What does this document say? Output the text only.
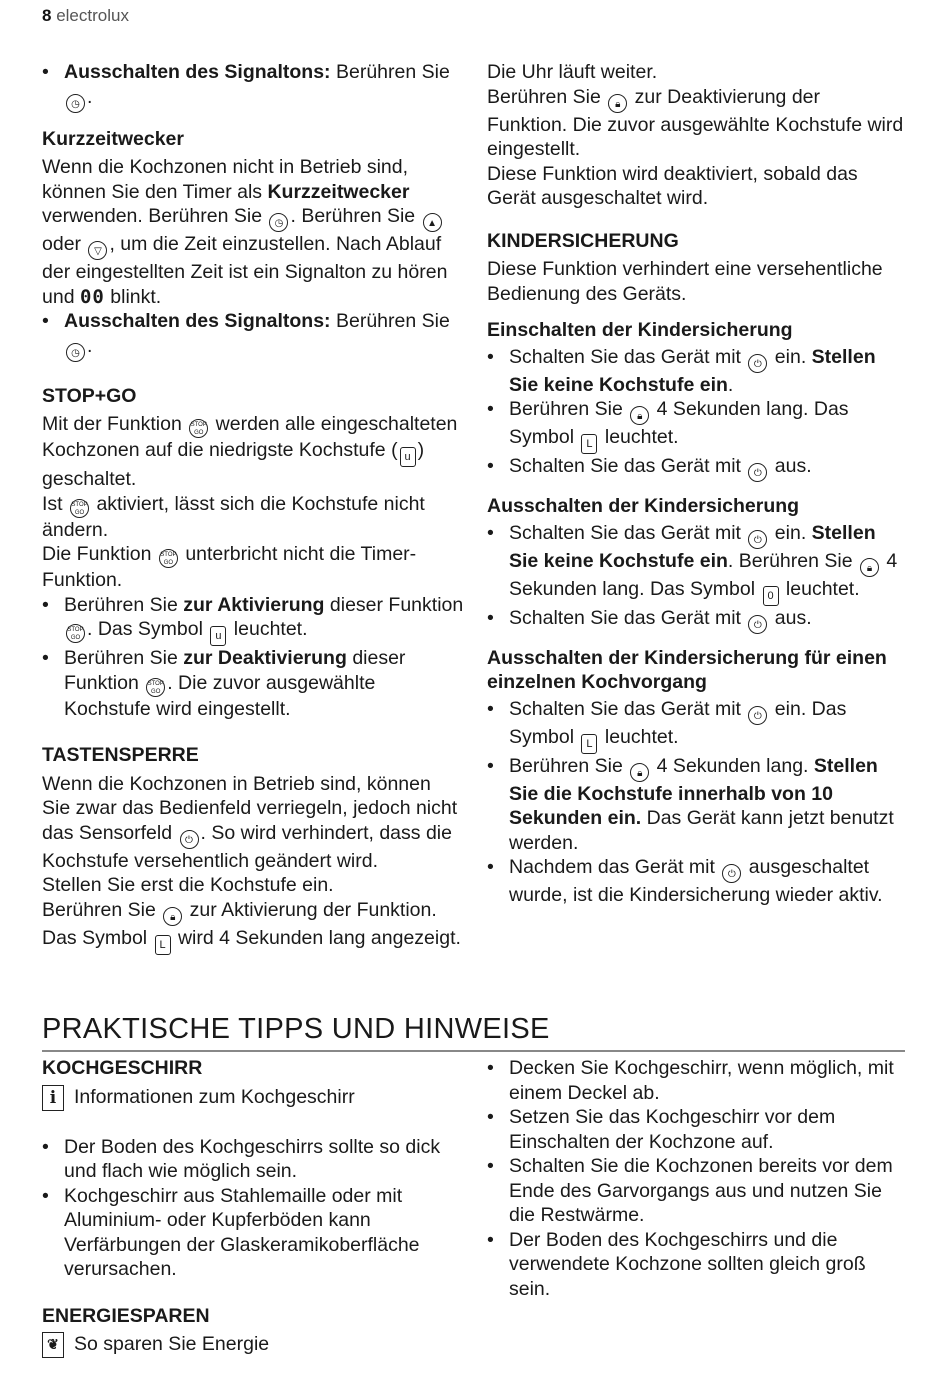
8 electrolux
• Ausschalten des Signaltons: Berühren Sie ◷ .
Kurzzeitwecker

Wenn die Kochzonen nicht in Betrieb sind, können Sie den Timer als Kurzzeitwecker verwenden. Berühren Sie ◷ . Berühren Sie ▲ oder ▽ , um die Zeit einzustellen. Nach Ablauf der eingestellten Zeit ist ein Signalton zu hören und 00 blinkt.

• Ausschalten des Signaltons: Berühren Sie ◷ .
STOP+GO

Mit der Funktion STOP
GO werden alle eingeschalteten Kochzonen auf die niedrigste Kochstufe ( u ) geschaltet.

Ist STOP
GO aktiviert, lässt sich die Kochstufe nicht ändern.

Die Funktion STOP
GO unterbricht nicht die Timer-Funktion.

• Berühren Sie zur Aktivierung dieser Funktion STOP
GO . Das Symbol u leuchtet.
• Berühren Sie zur Deaktivierung dieser Funktion STOP
GO . Die zuvor ausgewählte Kochstufe wird eingestellt.
TASTENSPERRE

Wenn die Kochzonen in Betrieb sind, können Sie zwar das Bedienfeld verriegeln, jedoch nicht das Sensorfeld ⏻ . So wird verhindert, dass die Kochstufe versehentlich geändert wird.

Stellen Sie erst die Kochstufe ein.

Berühren Sie 🔒︎ zur Aktivierung der Funktion. Das Symbol L wird 4 Sekunden lang angezeigt.

Die Uhr läuft weiter.

Berühren Sie 🔒︎ zur Deaktivierung der Funktion. Die zuvor ausgewählte Kochstufe wird eingestellt.

Diese Funktion wird deaktiviert, sobald das Gerät ausgeschaltet wird.

KINDERSICHERUNG

Diese Funktion verhindert eine versehentliche Bedienung des Geräts.

Einschalten der Kindersicherung
• Schalten Sie das Gerät mit ⏻ ein. Stellen Sie keine Kochstufe ein.
• Berühren Sie 🔒︎ 4 Sekunden lang. Das Symbol L leuchtet.
• Schalten Sie das Gerät mit ⏻ aus.
Ausschalten der Kindersicherung
• Schalten Sie das Gerät mit ⏻ ein. Stellen Sie keine Kochstufe ein. Berühren Sie 🔒︎ 4 Sekunden lang. Das Symbol 0 leuchtet.
• Schalten Sie das Gerät mit ⏻ aus.
Ausschalten der Kindersicherung für einen einzelnen Kochvorgang
• Schalten Sie das Gerät mit ⏻ ein. Das Symbol L leuchtet.
• Berühren Sie 🔒︎ 4 Sekunden lang. Stellen Sie die Kochstufe innerhalb von 10 Sekunden ein. Das Gerät kann jetzt benutzt werden.
• Nachdem das Gerät mit ⏻ ausgeschaltet wurde, ist die Kindersicherung wieder aktiv.
PRAKTISCHE TIPPS UND HINWEISE
KOCHGESCHIRR
i Informationen zum Kochgeschirr
• Der Boden des Kochgeschirrs sollte so dick und flach wie möglich sein.
• Kochgeschirr aus Stahlemaille oder mit Aluminium- oder Kupferböden kann Verfärbungen der Glaskeramikoberfläche verursachen.
ENERGIESPAREN
❦ So sparen Sie Energie
• Decken Sie Kochgeschirr, wenn möglich, mit einem Deckel ab.
• Setzen Sie das Kochgeschirr vor dem Einschalten der Kochzone auf.
• Schalten Sie die Kochzonen bereits vor dem Ende des Garvorgangs aus und nutzen Sie die Restwärme.
• Der Boden des Kochgeschirrs und die verwendete Kochzone sollten gleich groß sein.
